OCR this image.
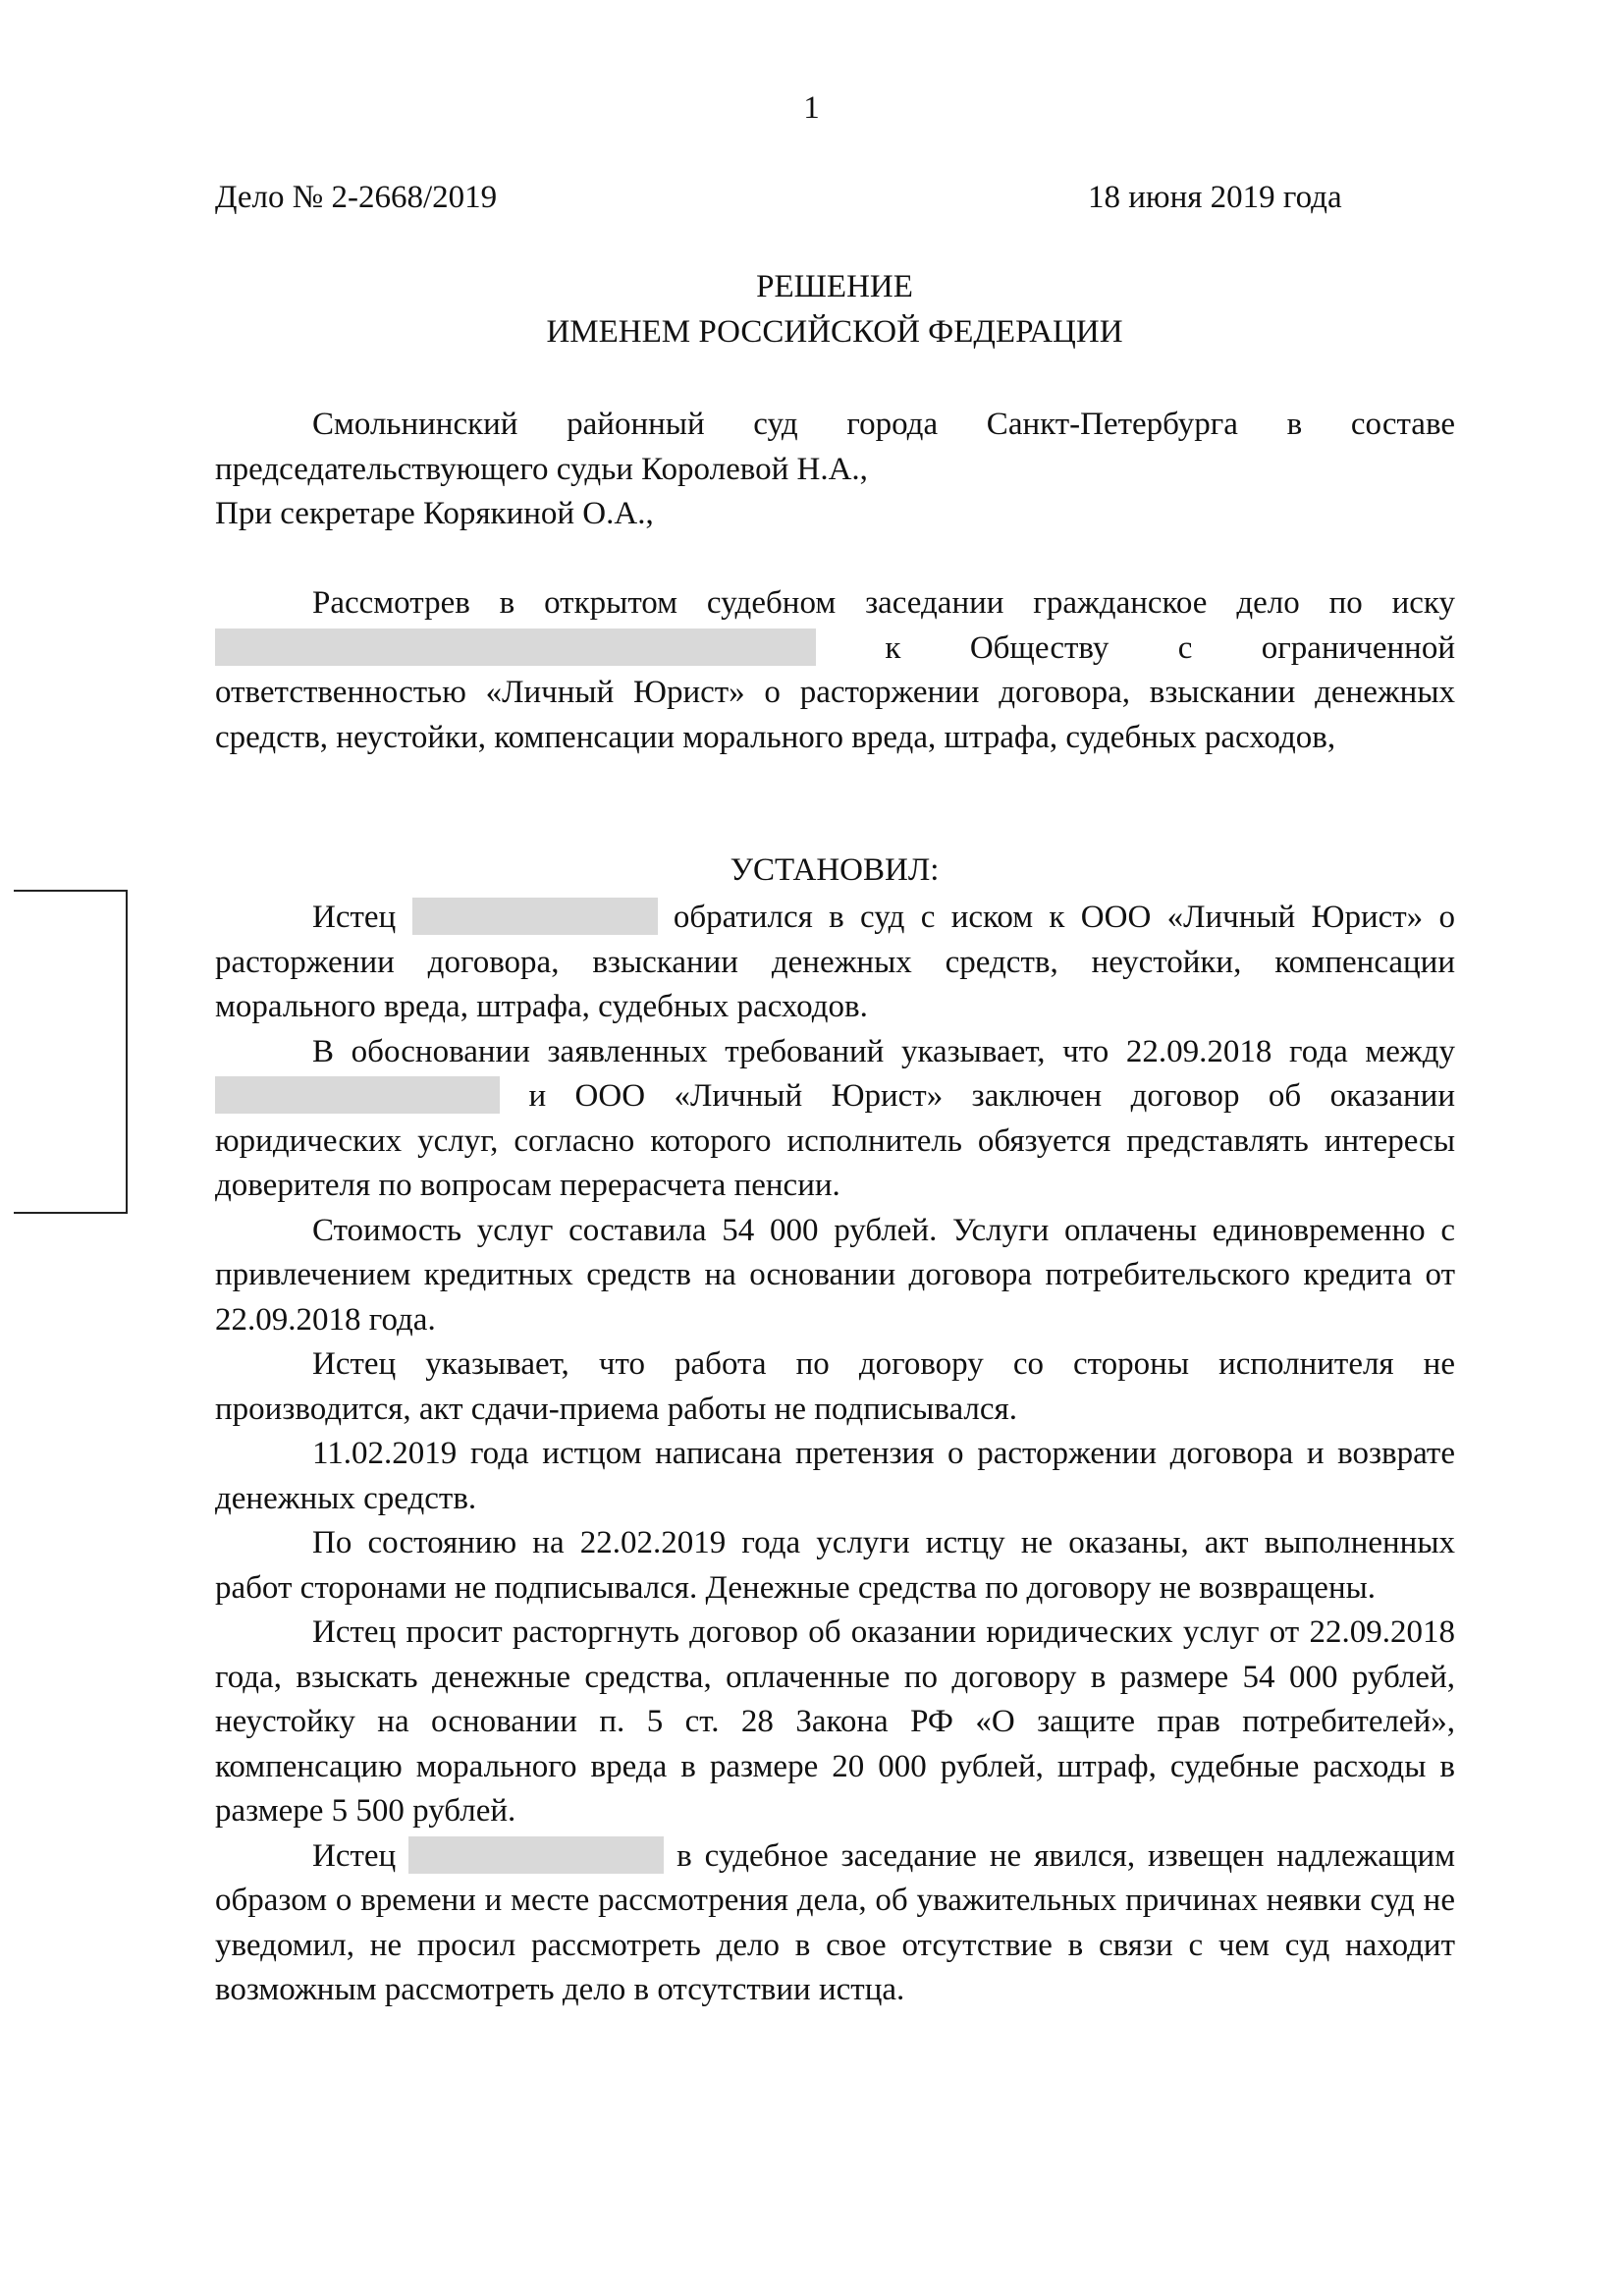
1
Дело № 2-2668/2019	18 июня 2019 года
РЕШЕНИЕ
ИМЕНЕМ РОССИЙСКОЙ ФЕДЕРАЦИИ

Смольнинский районный суд города Санкт-Петербурга в составе председательствующего судьи Королевой Н.А.,

При секретаре Корякиной О.А.,

Рассмотрев в открытом судебном заседании гражданское дело по иску  к Обществу с ограниченной ответственностью «Личный Юрист» о расторжении договора, взыскании денежных средств, неустойки, компенсации морального вреда, штрафа, судебных расходов,

УСТАНОВИЛ:

Истец	обратился в суд с иском к ООО «Личный Юрист» о расторжении договора, взыскании денежных средств, неустойки, компенсации морального вреда, штрафа, судебных расходов.

В обосновании заявленных требований указывает, что 22.09.2018 года между  и ООО «Личный Юрист» заключен договор об оказании юридических услуг, согласно которого исполнитель обязуется представлять интересы доверителя по вопросам перерасчета пенсии.

Стоимость услуг составила 54 000 рублей. Услуги оплачены единовременно с привлечением кредитных средств на основании договора потребительского кредита от 22.09.2018 года.

Истец указывает, что работа по договору со стороны исполнителя не производится, акт сдачи-приема работы не подписывался.

11.02.2019 года истцом написана претензия о расторжении договора и возврате денежных средств.

По состоянию на 22.02.2019 года услуги истцу не оказаны, акт выполненных работ сторонами не подписывался. Денежные средства по договору не возвращены.

Истец просит расторгнуть договор об оказании юридических услуг от 22.09.2018 года, взыскать денежные средства, оплаченные по договору в размере 54 000 рублей, неустойку на основании п. 5 ст. 28 Закона РФ «О защите прав потребителей», компенсацию морального вреда в размере 20 000 рублей, штраф, судебные расходы в размере 5 500 рублей.

Истец	в судебное заседание не явился, извещен надлежащим образом о времени и месте рассмотрения дела, об уважительных причинах неявки суд не уведомил, не просил рассмотреть дело в свое отсутствие в связи с чем суд находит возможным рассмотреть дело в отсутствии истца.
